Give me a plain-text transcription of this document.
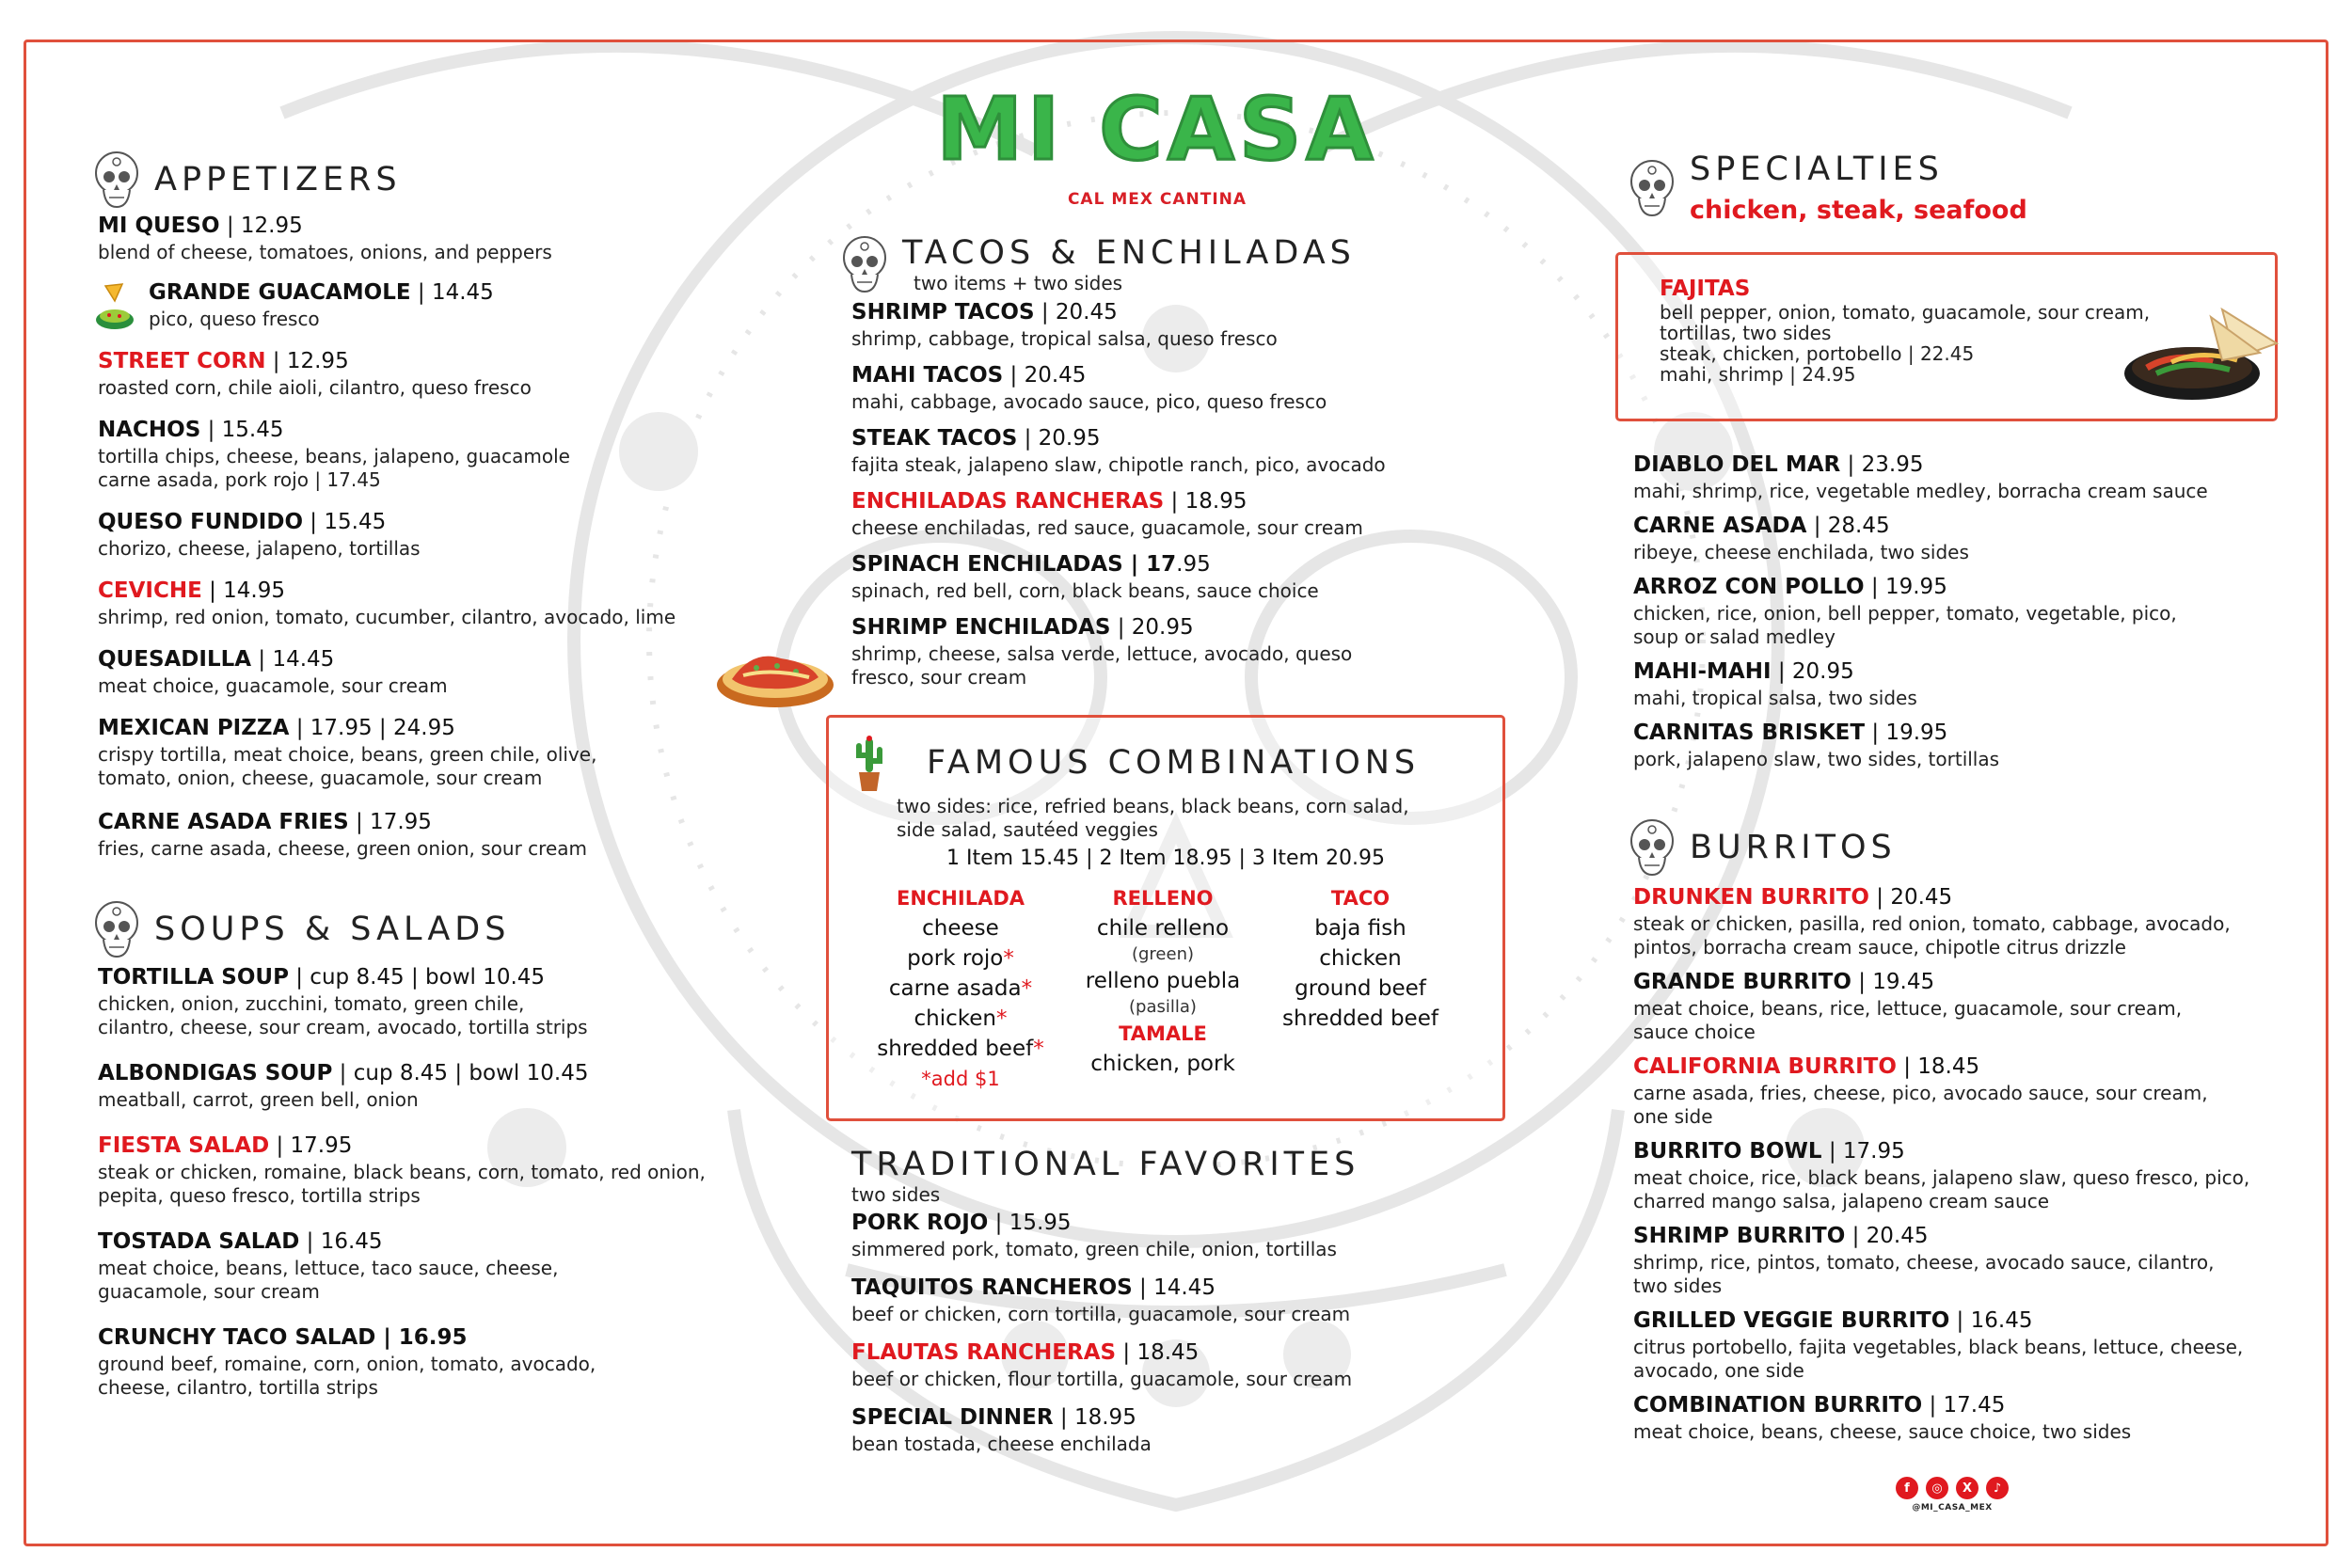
MI CASA
CAL MEX CANTINA
APPETIZERS
MI QUESO | 12.95
blend of cheese, tomatoes, onions, and peppers
GRANDE GUACAMOLE | 14.45
pico, queso fresco
STREET CORN | 12.95
roasted corn, chile aioli, cilantro, queso fresco
NACHOS | 15.45
tortilla chips, cheese, beans, jalapeno, guacamole
carne asada, pork rojo | 17.45
QUESO FUNDIDO | 15.45
chorizo, cheese, jalapeno, tortillas
CEVICHE | 14.95
shrimp, red onion, tomato, cucumber, cilantro, avocado, lime
QUESADILLA | 14.45
meat choice, guacamole, sour cream
MEXICAN PIZZA | 17.95 | 24.95
crispy tortilla, meat choice, beans, green chile, olive,
tomato, onion, cheese, guacamole, sour cream
CARNE ASADA FRIES | 17.95
fries, carne asada, cheese, green onion, sour cream
SOUPS & SALADS
TORTILLA SOUP | cup 8.45 | bowl 10.45
chicken, onion, zucchini, tomato, green chile,
cilantro, cheese, sour cream, avocado, tortilla strips
ALBONDIGAS SOUP | cup 8.45 | bowl 10.45
meatball, carrot, green bell, onion
FIESTA SALAD | 17.95
steak or chicken, romaine, black beans, corn, tomato, red onion,
pepita, queso fresco, tortilla strips
TOSTADA SALAD | 16.45
meat choice, beans, lettuce, taco sauce, cheese,
guacamole, sour cream
CRUNCHY TACO SALAD | 16.95
ground beef, romaine, corn, onion, tomato, avocado,
cheese, cilantro, tortilla strips
TACOS & ENCHILADAS
two items + two sides
SHRIMP TACOS | 20.45
shrimp, cabbage, tropical salsa, queso fresco
MAHI TACOS | 20.45
mahi, cabbage, avocado sauce, pico, queso fresco
STEAK TACOS | 20.95
fajita steak, jalapeno slaw, chipotle ranch, pico, avocado
ENCHILADAS RANCHERAS | 18.95
cheese enchiladas, red sauce, guacamole, sour cream
SPINACH ENCHILADAS | 17.95
spinach, red bell, corn, black beans, sauce choice
SHRIMP ENCHILADAS | 20.95
shrimp, cheese, salsa verde, lettuce, avocado, queso
fresco, sour cream
FAMOUS COMBINATIONS
two sides: rice, refried beans, black beans, corn salad,
side salad, sautéed veggies
1 Item 15.45 | 2 Item 18.95 | 3 Item 20.95
ENCHILADA
cheese
pork rojo*
carne asada*
chicken*
shredded beef*
*add $1
RELLENO
chile relleno
(green)
relleno puebla
(pasilla)
TAMALE
chicken, pork
TACO
baja fish
chicken
ground beef
shredded beef
TRADITIONAL FAVORITES
two sides
PORK ROJO | 15.95
simmered pork, tomato, green chile, onion, tortillas
TAQUITOS RANCHEROS | 14.45
beef or chicken, corn tortilla, guacamole, sour cream
FLAUTAS RANCHERAS | 18.45
beef or chicken, flour tortilla, guacamole, sour cream
SPECIAL DINNER | 18.95
bean tostada, cheese enchilada
SPECIALTIES
chicken, steak, seafood
FAJITAS
bell pepper, onion, tomato, guacamole, sour cream,
tortillas, two sides
steak, chicken, portobello | 22.45
mahi, shrimp | 24.95
DIABLO DEL MAR | 23.95
mahi, shrimp, rice, vegetable medley, borracha cream sauce
CARNE ASADA | 28.45
ribeye, cheese enchilada, two sides
ARROZ CON POLLO | 19.95
chicken, rice, onion, bell pepper, tomato, vegetable, pico,
soup or salad medley
MAHI-MAHI | 20.95
mahi, tropical salsa, two sides
CARNITAS BRISKET | 19.95
pork, jalapeno slaw, two sides, tortillas
BURRITOS
DRUNKEN BURRITO | 20.45
steak or chicken, pasilla, red onion, tomato, cabbage, avocado,
pintos, borracha cream sauce, chipotle citrus drizzle
GRANDE BURRITO | 19.45
meat choice, beans, rice, lettuce, guacamole, sour cream,
sauce choice
CALIFORNIA BURRITO | 18.45
carne asada, fries, cheese, pico, avocado sauce, sour cream,
one side
BURRITO BOWL | 17.95
meat choice, rice, black beans, jalapeno slaw, queso fresco, pico,
charred mango salsa, jalapeno cream sauce
SHRIMP BURRITO | 20.45
shrimp, rice, pintos, tomato, cheese, avocado sauce, cilantro,
two sides
GRILLED VEGGIE BURRITO | 16.45
citrus portobello, fajita vegetables, black beans, lettuce, cheese,
avocado, one side
COMBINATION BURRITO | 17.45
meat choice, beans, cheese, sauce choice, two sides
f	◎	X	♪
@MI_CASA_MEX
